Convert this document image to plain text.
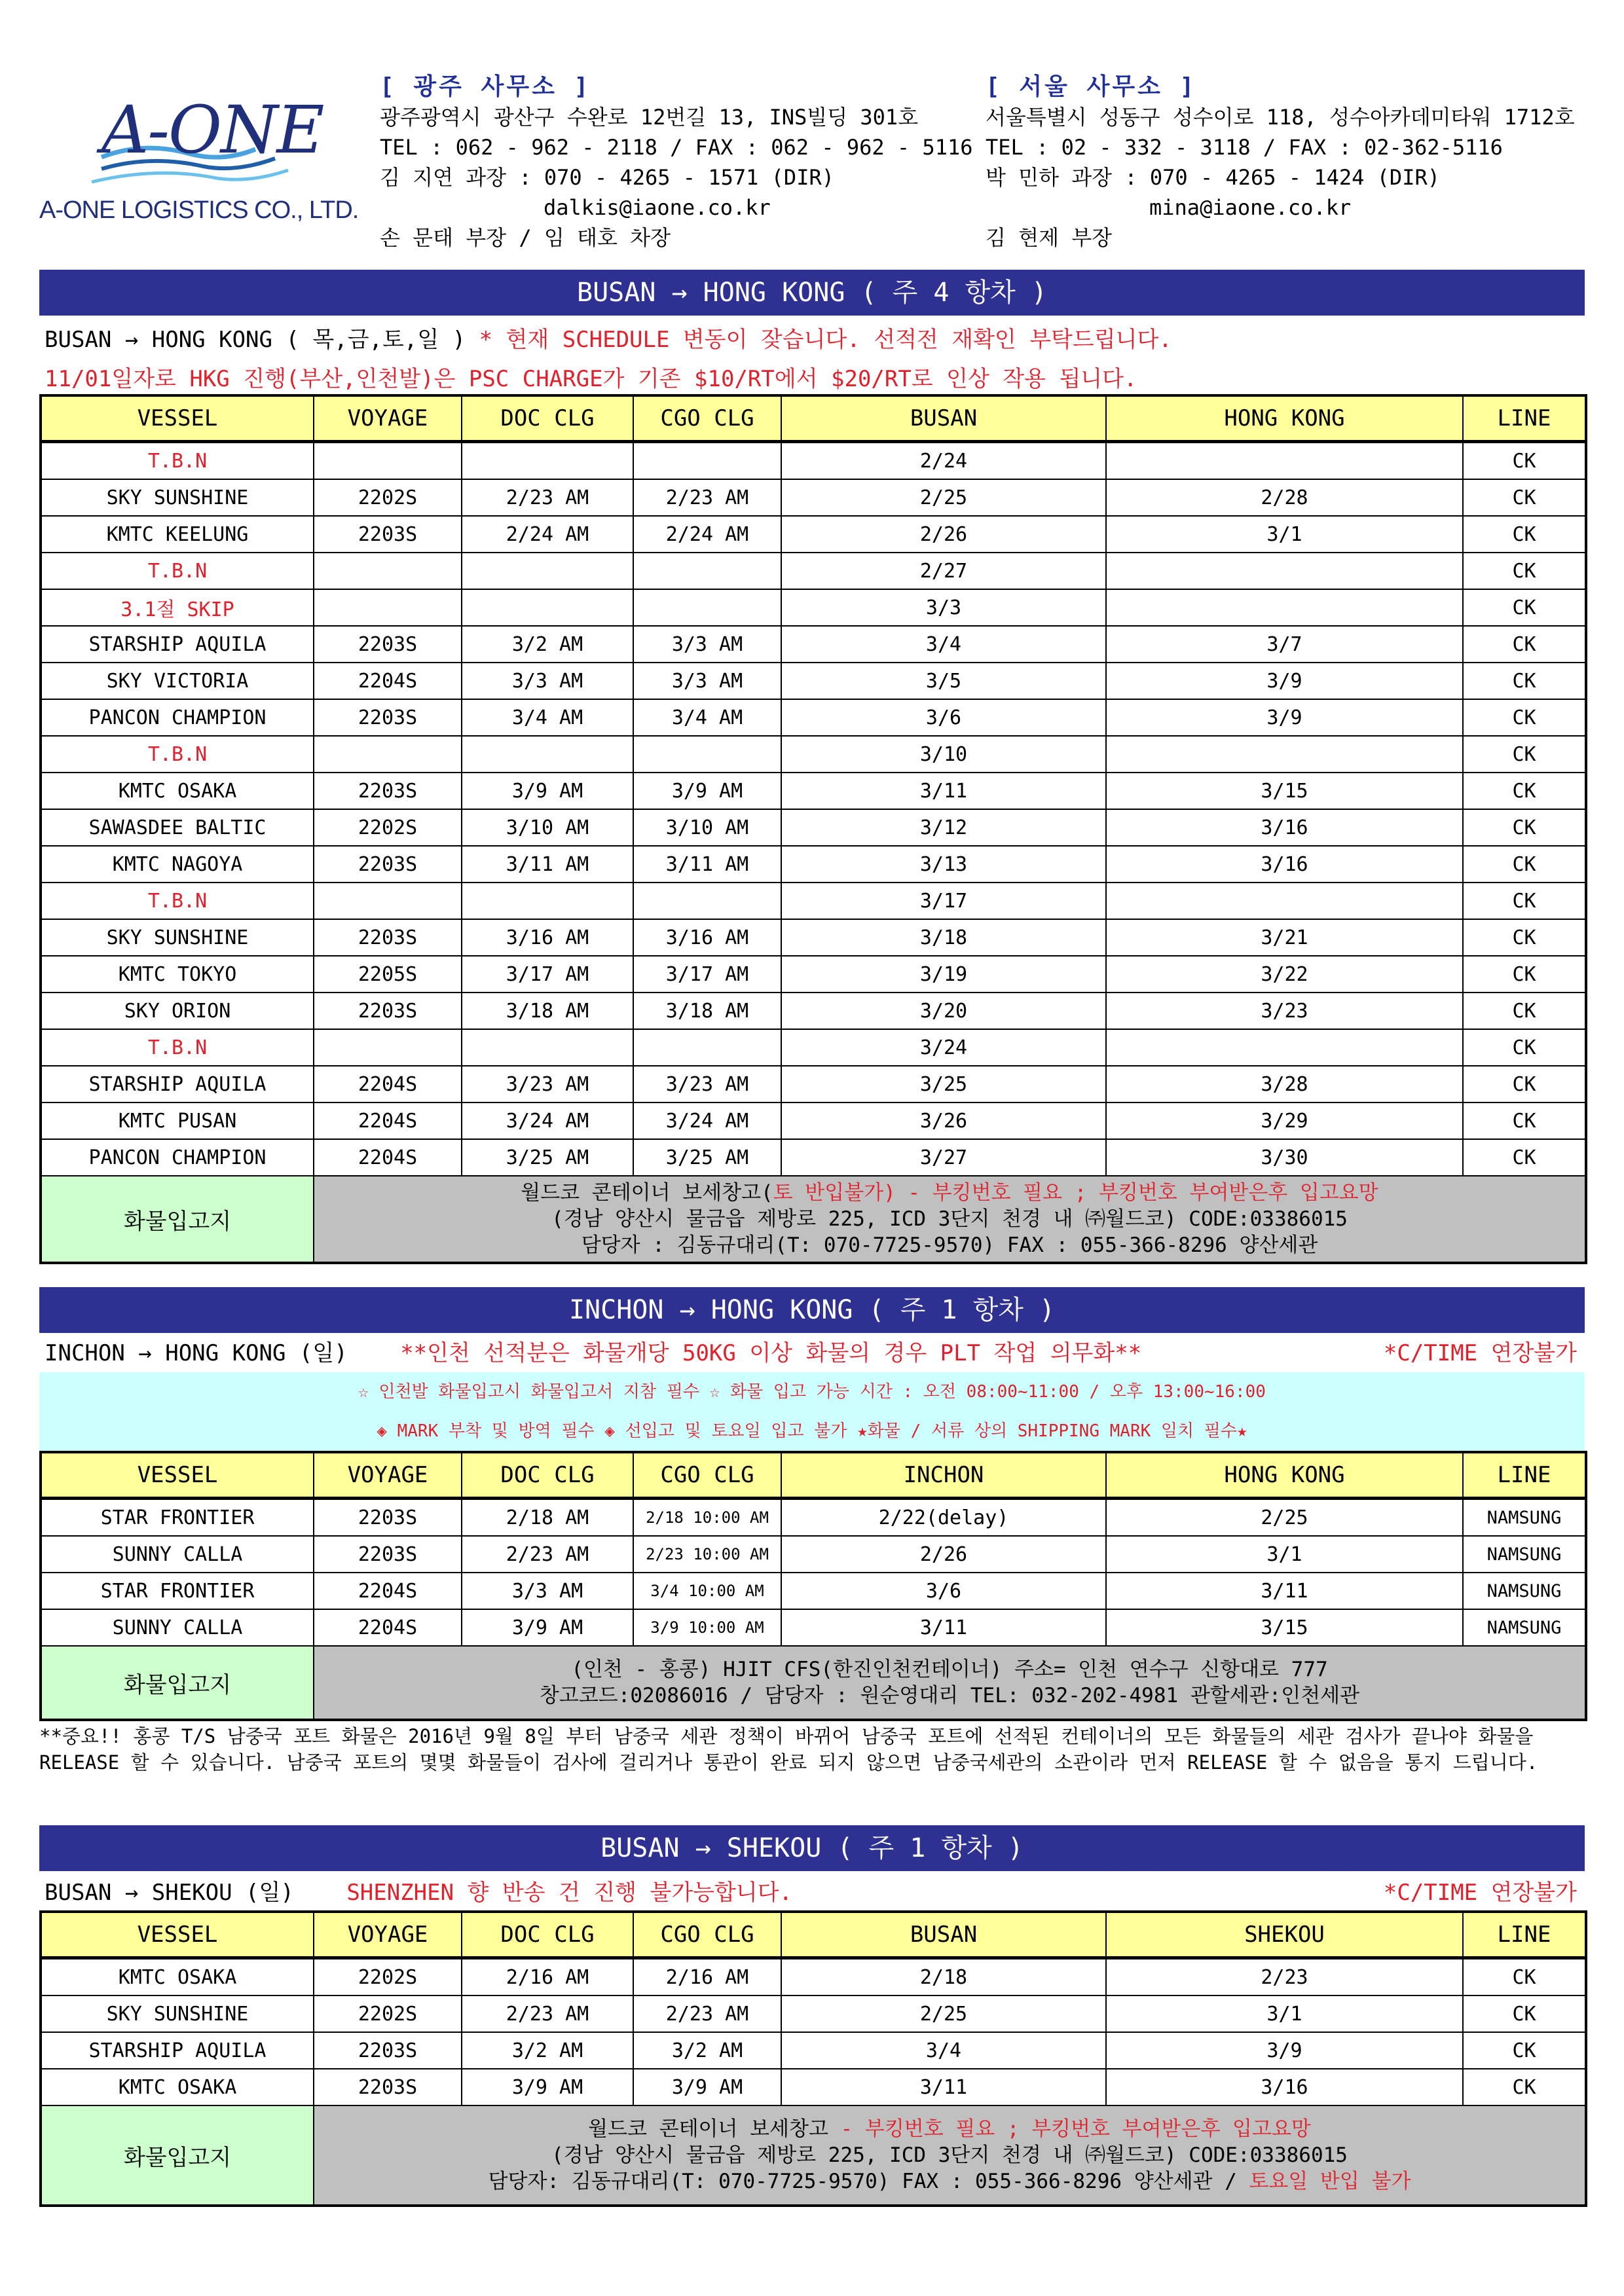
A-ONE
A-ONE LOGISTICS CO., LTD.
[ 광주 사무소 ]
광주광역시 광산구 수완로 12번길 13, INS빌딩 301호
TEL : 062 - 962 - 2118 / FAX : 062 - 962 - 5116
김 지연 과장 : 070 - 4265 - 1571 (DIR)
dalkis@iaone.co.kr
손 문태 부장 / 임 태호 차장
[ 서울 사무소 ]
서울특별시 성동구 성수이로 118, 성수아카데미타워 1712호
TEL : 02 - 332 - 3118 / FAX : 02-362-5116
박 민하 과장 : 070 - 4265 - 1424 (DIR)
mina@iaone.co.kr
김 현제 부장
BUSAN → HONG KONG ( 주 4 항차 )
BUSAN → HONG KONG ( 목,금,토,일 ) * 현재 SCHEDULE 변동이 잦습니다. 선적전 재확인 부탁드립니다.
11/01일자로 HKG 진행(부산,인천발)은 PSC CHARGE가 기존 $10/RT에서 $20/RT로 인상 작용 됩니다.
VESSEL	VOYAGE	DOC CLG	CGO CLG	BUSAN	HONG KONG	LINE
T.B.N				2/24		CK
SKY SUNSHINE	2202S	2/23 AM	2/23 AM	2/25	2/28	CK
KMTC KEELUNG	2203S	2/24 AM	2/24 AM	2/26	3/1	CK
T.B.N				2/27		CK
3.1절 SKIP				3/3		CK
STARSHIP AQUILA	2203S	3/2 AM	3/3 AM	3/4	3/7	CK
SKY VICTORIA	2204S	3/3 AM	3/3 AM	3/5	3/9	CK
PANCON CHAMPION	2203S	3/4 AM	3/4 AM	3/6	3/9	CK
T.B.N				3/10		CK
KMTC OSAKA	2203S	3/9 AM	3/9 AM	3/11	3/15	CK
SAWASDEE BALTIC	2202S	3/10 AM	3/10 AM	3/12	3/16	CK
KMTC NAGOYA	2203S	3/11 AM	3/11 AM	3/13	3/16	CK
T.B.N				3/17		CK
SKY SUNSHINE	2203S	3/16 AM	3/16 AM	3/18	3/21	CK
KMTC TOKYO	2205S	3/17 AM	3/17 AM	3/19	3/22	CK
SKY ORION	2203S	3/18 AM	3/18 AM	3/20	3/23	CK
T.B.N				3/24		CK
STARSHIP AQUILA	2204S	3/23 AM	3/23 AM	3/25	3/28	CK
KMTC PUSAN	2204S	3/24 AM	3/24 AM	3/26	3/29	CK
PANCON CHAMPION	2204S	3/25 AM	3/25 AM	3/27	3/30	CK
화물입고지	월드코 콘테이너 보세창고(토 반입불가) - 부킹번호 필요 ; 부킹번호 부여받은후 입고요망
(경남 양산시 물금읍 제방로 225, ICD 3단지 천경 내 ㈜월드코) CODE:03386015
담당자 : 김동규대리(T: 070-7725-9570) FAX : 055-366-8296 양산세관					
INCHON → HONG KONG ( 주 1 항차 )
INCHON → HONG KONG (일) **인천 선적분은 화물개당 50KG 이상 화물의 경우 PLT 작업 의무화**	*C/TIME 연장불가
☆ 인천발 화물입고시 화물입고서 지참 필수 ☆ 화물 입고 가능 시간 : 오전 08:00~11:00 / 오후 13:00~16:00
◈ MARK 부착 및 방역 필수 ◈ 선입고 및 토요일 입고 불가 ★화물 / 서류 상의 SHIPPING MARK 일치 필수★
VESSEL	VOYAGE	DOC CLG	CGO CLG	INCHON	HONG KONG	LINE
STAR FRONTIER	2203S	2/18 AM	2/18 10:00 AM	2/22(delay)	2/25	NAMSUNG
SUNNY CALLA	2203S	2/23 AM	2/23 10:00 AM	2/26	3/1	NAMSUNG
STAR FRONTIER	2204S	3/3 AM	3/4 10:00 AM	3/6	3/11	NAMSUNG
SUNNY CALLA	2204S	3/9 AM	3/9 10:00 AM	3/11	3/15	NAMSUNG
화물입고지	(인천 - 홍콩) HJIT CFS(한진인천컨테이너) 주소= 인천 연수구 신항대로 777
창고코드:02086016 / 담당자 : 원순영대리 TEL: 032-202-4981 관할세관:인천세관					
**중요!! 홍콩 T/S 남중국 포트 화물은 2016년 9월 8일 부터 남중국 세관 정책이 바뀌어 남중국 포트에 선적된 컨테이너의 모든 화물들의 세관 검사가 끝나야 화물을 RELEASE 할 수 있습니다. 남중국 포트의 몇몇 화물들이 검사에 걸리거나 통관이 완료 되지 않으면 남중국세관의 소관이라 먼저 RELEASE 할 수 없음을 통지 드립니다.
BUSAN → SHEKOU ( 주 1 항차 )
BUSAN → SHEKOU (일) SHENZHEN 향 반송 건 진행 불가능합니다.	*C/TIME 연장불가
VESSEL	VOYAGE	DOC CLG	CGO CLG	BUSAN	SHEKOU	LINE
KMTC OSAKA	2202S	2/16 AM	2/16 AM	2/18	2/23	CK
SKY SUNSHINE	2202S	2/23 AM	2/23 AM	2/25	3/1	CK
STARSHIP AQUILA	2203S	3/2 AM	3/2 AM	3/4	3/9	CK
KMTC OSAKA	2203S	3/9 AM	3/9 AM	3/11	3/16	CK
화물입고지	월드코 콘테이너 보세창고 - 부킹번호 필요 ; 부킹번호 부여받은후 입고요망
(경남 양산시 물금읍 제방로 225, ICD 3단지 천경 내 ㈜월드코) CODE:03386015
담당자: 김동규대리(T: 070-7725-9570) FAX : 055-366-8296 양산세관 / 토요일 반입 불가					
